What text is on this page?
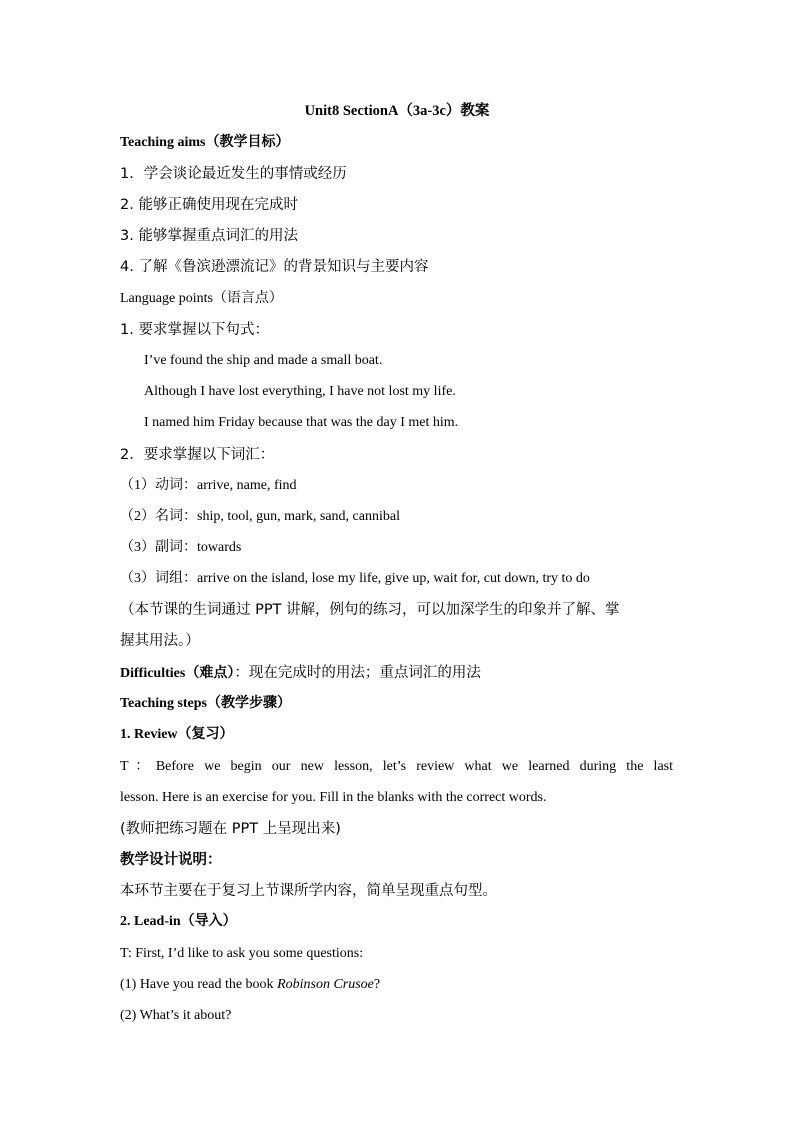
Unit8 SectionA（3a-3c）教案
Teaching aims（教学目标）
1．学会谈论最近发生的事情或经历
2. 能够正确使用现在完成时
3. 能够掌握重点词汇的用法
4. 了解《鲁滨逊漂流记》的背景知识与主要内容
Language points（语言点）
1. 要求掌握以下句式：
I’ve found the ship and made a small boat.
Although I have lost everything, I have not lost my life.
I named him Friday because that was the day I met him.
2．要求掌握以下词汇：
（1）动词：arrive, name, find
（2）名词：ship, tool, gun, mark, sand, cannibal
（3）副词：towards
（3）词组：arrive on the island, lose my life, give up, wait for, cut down, try to do
（本节课的生词通过 PPT 讲解，例句的练习，可以加深学生的印象并了解、掌
握其用法。）
Difficulties（难点）：现在完成时的用法；重点词汇的用法
Teaching steps（教学步骤）
1. Review（复习）
T：Before we begin our new lesson, let’s review what we learned during the last
lesson. Here is an exercise for you. Fill in the blanks with the correct words.
(教师把练习题在 PPT 上呈现出来)
教学设计说明：
本环节主要在于复习上节课所学内容，简单呈现重点句型。
2. Lead-in（导入）
T: First, I’d like to ask you some questions:
(1) Have you read the book Robinson Crusoe?
(2) What’s it about?
